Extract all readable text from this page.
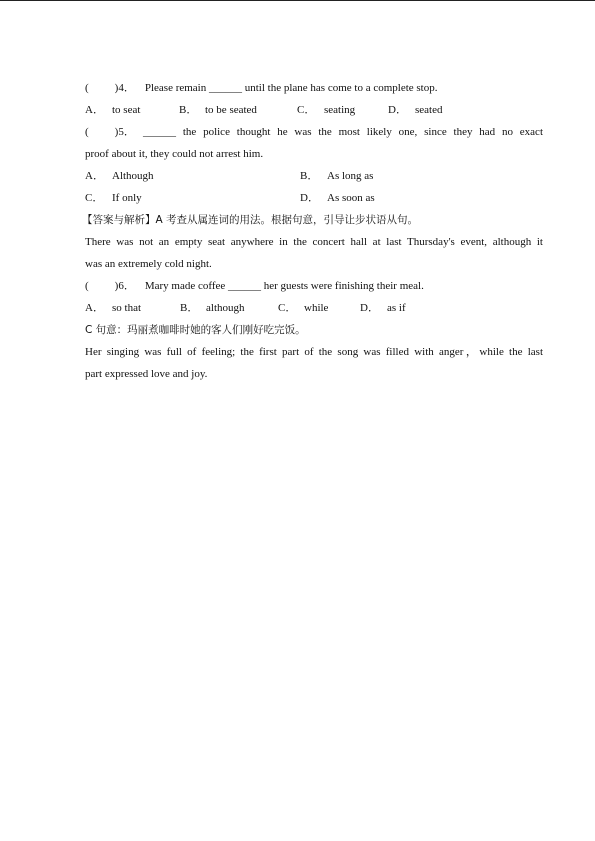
( )4． Please remain ______ until the plane has come to a complete stop.
A． to seat	B． to be seated	C． seating	D． seated
( )5． ______ the police thought he was the most likely one, since they had no exact
proof about it, they could not arrest him.
A． Although	B． As long as
C． If only	D． As soon as
【答案与解析】A 考查从属连词的用法。根据句意，引导让步状语从句。
There was not an empty seat anywhere in the concert hall at last Thursday's event, although it
was an extremely cold night.
( )6． Mary made coffee ______ her guests were finishing their meal.
A． so that	B． although	C． while	D． as if
C 句意：玛丽煮咖啡时她的客人们刚好吃完饭。
Her singing was full of feeling; the first part of the song was filled with anger，while the last
part expressed love and joy.
